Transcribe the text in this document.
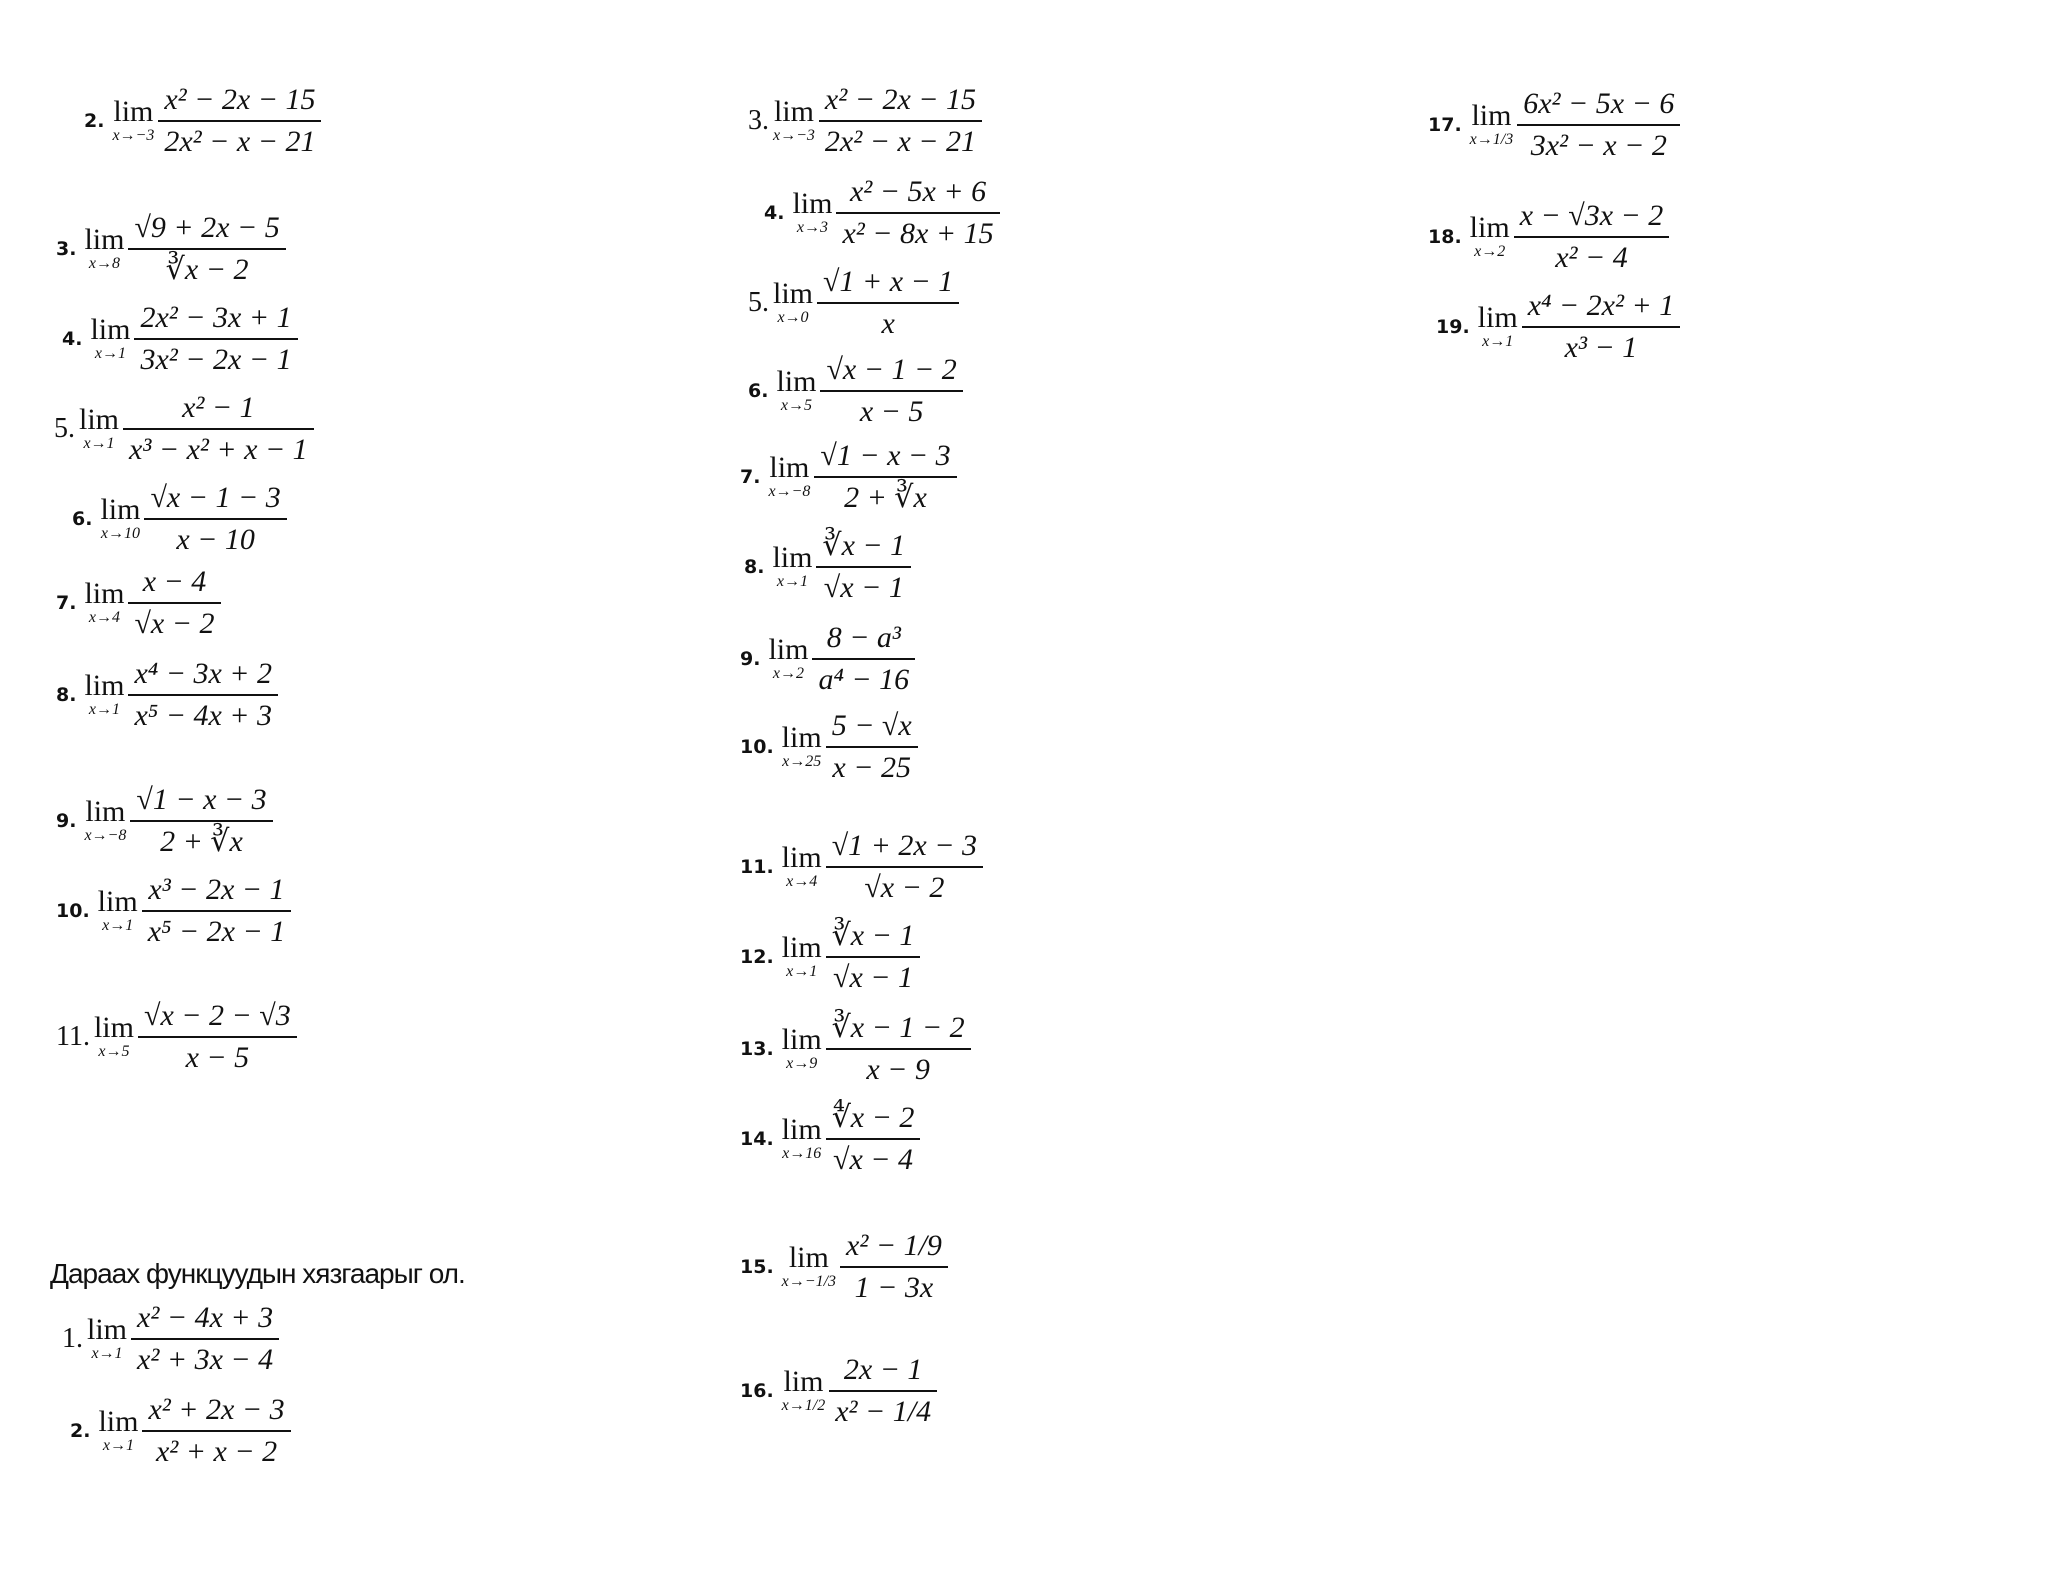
2. lim
$x\to-3 \frac{\text{x² − 2x − 15}}{\text{2x² − x − 21}}$
3. lim
$x\to 8 \frac{√9 + 2x - 5}{∛x - 2}$
4. lim
$x\to 1 \frac{\text{2x² − 3x + 1}}{\text{3x² − 2x − 1}}$
5. lim
$x\to 1 \frac{\text{x² − 1}}{\text{x³ − x² + x − 1}}$
6. lim
$x\to 10 \frac{√x - 1 - 3}{x - 10}$
7. lim
$x\to 4 \frac{x - 4}{√x - 2}$
8. lim
$x\to 1 \frac{\text{x⁴ − 3x + 2}}{\text{x⁵ − 4x + 3}}$
9. lim
$x\to-8 \frac{√1 - x - 3}{2 + ∛x}$
10. lim
$x\to 1 \frac{\text{x³ − 2x − 1}}{\text{x⁵ − 2x − 1}}$
11. lim
$x\to 5 \frac{√x - 2 - √3}{x - 5}$
Дараах функцуудын хязгаарыг ол.
1. lim
$x\to 1 \frac{\text{x² − 4x + 3}}{\text{x² + 3x − 4}}$
2. lim
$x\to 1 \frac{\text{x² + 2x − 3}}{\text{x² + x − 2}}$
3. lim
$x\to-3 \frac{\text{x² − 2x − 15}}{\text{2x² − x − 21}}$
4. lim
$x\to 3 \frac{\text{x² − 5x + 6}}{\text{x² − 8x + 15}}$
5. lim
$x\to 0 \frac{√1 + x - 1}{x}$
6. lim
$x\to 5 \frac{√x - 1 - 2}{x - 5}$
7. lim
$x\to-8 \frac{√1 - x - 3}{2 + ∛x}$
8. lim
$x\to 1 \frac{∛x - 1}{√x - 1}$
9. lim
$x\to 2 \frac{\text{8 − a³}}{\text{a⁴ − 16}}$
10. lim
$x\to 25 \frac{5 - √x}{x - 25}$
11. lim
$x\to 4 \frac{√1 + 2x - 3}{√x - 2}$
12. lim
$x\to 1 \frac{∛x - 1}{√x - 1}$
13. lim
$x\to 9 \frac{∛x - 1 - 2}{x - 9}$
14. lim
$x\to 16 \frac{∜x - 2}{√x - 4}$
15. lim
$x\to-1/3 \frac{\text{x² − 1/9}}{1 - 3x}$
16. lim
$x\to 1/2 \frac{2x - 1}{\text{x² − 1/4}}$
17. lim
$x\to 1/3 \frac{\text{6x² − 5x − 6}}{\text{3x² − x − 2}}$
18. lim
$x\to 2 \frac{x - √3x - 2}{\text{x² − 4}}$
19. lim
$x\to 1 \frac{\text{x⁴ − 2x² + 1}}{\text{x³ − 1}}$
